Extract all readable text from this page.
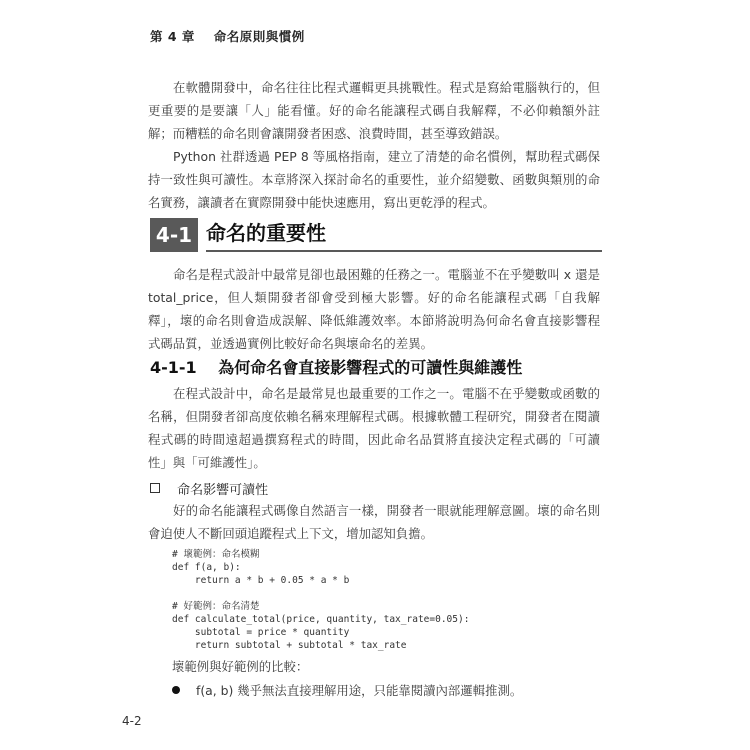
第 4 章 命名原則與慣例

在軟體開發中，命名往往比程式邏輯更具挑戰性。程式是寫給電腦執行的，但更重要的是要讓「人」能看懂。好的命名能讓程式碼自我解釋，不必仰賴額外註解；而糟糕的命名則會讓開發者困惑、浪費時間，甚至導致錯誤。

Python 社群透過 PEP 8 等風格指南，建立了清楚的命名慣例，幫助程式碼保持一致性與可讀性。本章將深入探討命名的重要性，並介紹變數、函數與類別的命名實務，讓讀者在實際開發中能快速應用，寫出更乾淨的程式。

4-1 命名的重要性

命名是程式設計中最常見卻也最困難的任務之一。電腦並不在乎變數叫 x 還是 total_price，但人類開發者卻會受到極大影響。好的命名能讓程式碼「自我解釋」，壞的命名則會造成誤解、降低維護效率。本節將說明為何命名會直接影響程式碼品質，並透過實例比較好命名與壞命名的差異。

4-1-1 為何命名會直接影響程式的可讀性與維護性

在程式設計中，命名是最常見也最重要的工作之一。電腦不在乎變數或函數的名稱，但開發者卻高度依賴名稱來理解程式碼。根據軟體工程研究，開發者在閱讀程式碼的時間遠超過撰寫程式的時間，因此命名品質將直接決定程式碼的「可讀性」與「可維護性」。

命名影響可讀性

好的命名能讓程式碼像自然語言一樣，開發者一眼就能理解意圖。壞的命名則會迫使人不斷回頭追蹤程式上下文，增加認知負擔。

# 壞範例：命名模糊
def f(a, b):
return a * b + 0.05 * a * b
# 好範例：命名清楚
def calculate_total(price, quantity, tax_rate=0.05):
subtotal = price * quantity
return subtotal + subtotal * tax_rate
壞範例與好範例的比較：
f(a, b) 幾乎無法直接理解用途，只能靠閱讀內部邏輯推測。
4-2
